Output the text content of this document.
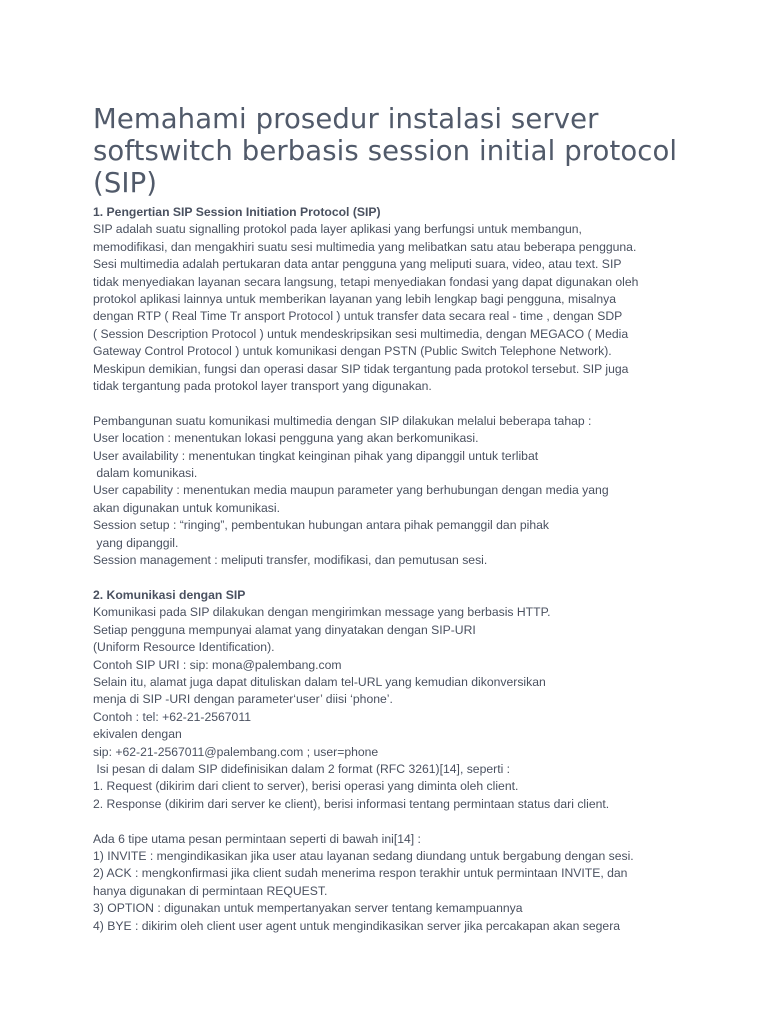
Memahami prosedur instalasi server softswitch berbasis session initial protocol (SIP)

1. Pengertian SIP Session Initiation Protocol (SIP)

SIP adalah suatu signalling protokol pada layer aplikasi yang berfungsi untuk membangun,
memodifikasi, dan mengakhiri suatu sesi multimedia yang melibatkan satu atau beberapa pengguna.
Sesi multimedia adalah pertukaran data antar pengguna yang meliputi suara, video, atau text. SIP
tidak menyediakan layanan secara langsung, tetapi menyediakan fondasi yang dapat digunakan oleh
protokol aplikasi lainnya untuk memberikan layanan yang lebih lengkap bagi pengguna, misalnya
dengan RTP ( Real Time Tr ansport Protocol ) untuk transfer data secara real - time , dengan SDP
( Session Description Protocol ) untuk mendeskripsikan sesi multimedia, dengan MEGACO ( Media
Gateway Control Protocol ) untuk komunikasi dengan PSTN (Public Switch Telephone Network).
Meskipun demikian, fungsi dan operasi dasar SIP tidak tergantung pada protokol tersebut. SIP juga
tidak tergantung pada protokol layer transport yang digunakan.

Pembangunan suatu komunikasi multimedia dengan SIP dilakukan melalui beberapa tahap :
User location : menentukan lokasi pengguna yang akan berkomunikasi.
User availability : menentukan tingkat keinginan pihak yang dipanggil untuk terlibat
dalam komunikasi.
User capability : menentukan media maupun parameter yang berhubungan dengan media yang
akan digunakan untuk komunikasi.
Session setup : “ringing”, pembentukan hubungan antara pihak pemanggil dan pihak
yang dipanggil.
Session management : meliputi transfer, modifikasi, dan pemutusan sesi.

2. Komunikasi dengan SIP

Komunikasi pada SIP dilakukan dengan mengirimkan message yang berbasis HTTP.
Setiap pengguna mempunyai alamat yang dinyatakan dengan SIP-URI
(Uniform Resource Identification).
Contoh SIP URI : sip: mona@palembang.com
Selain itu, alamat juga dapat dituliskan dalam tel-URL yang kemudian dikonversikan
menja di SIP -URI dengan parameter‘user’ diisi ‘phone’.
Contoh : tel: +62-21-2567011
ekivalen dengan
sip: +62-21-2567011@palembang.com ; user=phone
Isi pesan di dalam SIP didefinisikan dalam 2 format (RFC 3261)[14], seperti :
1. Request (dikirim dari client to server), berisi operasi yang diminta oleh client.
2. Response (dikirim dari server ke client), berisi informasi tentang permintaan status dari client.

Ada 6 tipe utama pesan permintaan seperti di bawah ini[14] :
1) INVITE : mengindikasikan jika user atau layanan sedang diundang untuk bergabung dengan sesi.
2) ACK : mengkonfirmasi jika client sudah menerima respon terakhir untuk permintaan INVITE, dan
hanya digunakan di permintaan REQUEST.
3) OPTION : digunakan untuk mempertanyakan server tentang kemampuannya
4) BYE : dikirim oleh client user agent untuk mengindikasikan server jika percakapan akan segera
